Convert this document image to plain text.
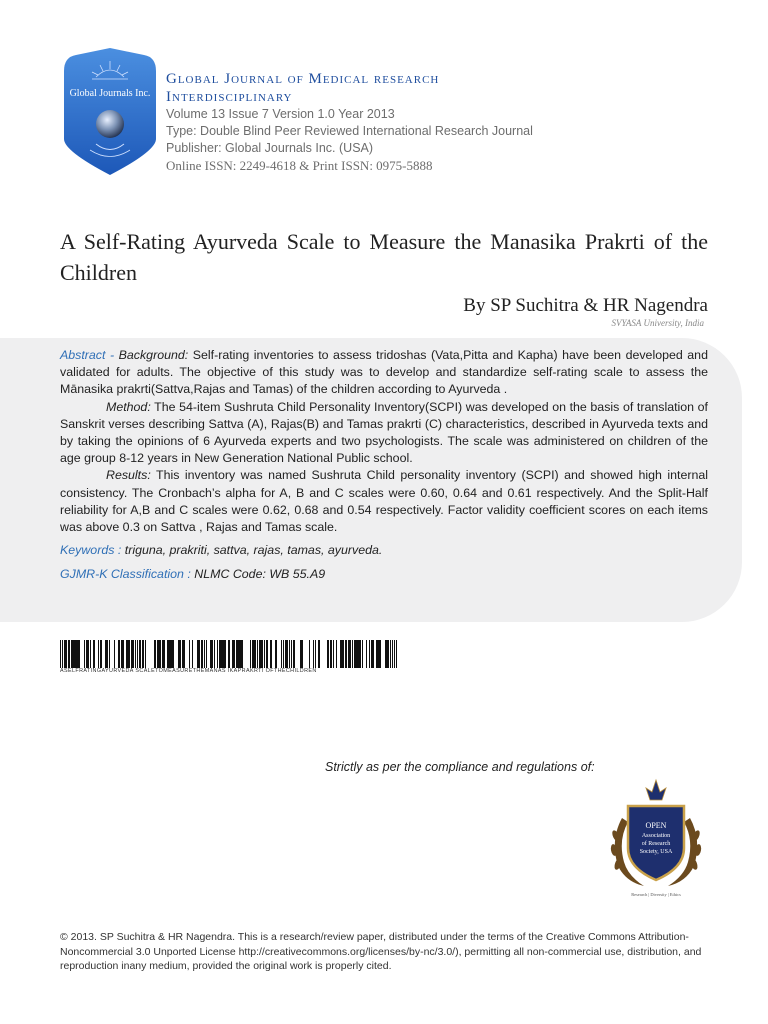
Global Journals Inc.

Global Journal of Medical research

Interdisciplinary

Volume 13 Issue 7 Version 1.0 Year 2013

Type: Double Blind Peer Reviewed International Research Journal

Publisher: Global Journals Inc. (USA)

Online ISSN: 2249-4618 & Print ISSN: 0975-5888

A Self-Rating Ayurveda Scale to Measure the Manasika Prakrti of the Children
By SP Suchitra & HR Nagendra
SVYASA University, India

Abstract - Background: Self-rating inventories to assess tridoshas (Vata,Pitta and Kapha) have been developed and validated for adults. The objective of this study was to develop and standardize self-rating scale to assess the Mānasika prakrti(Sattva,Rajas and Tamas) of the children according to Ayurveda .

Method: The 54-item Sushruta Child Personality Inventory(SCPI) was developed on the basis of translation of Sanskrit verses describing Sattva (A), Rajas(B) and Tamas prakrti (C) characteristics, described in Ayurveda texts and by taking the opinions of 6 Ayurveda experts and two psychologists. The scale was administered on children of the age group 8-12 years in New Generation National Public school.

Results: This inventory was named Sushruta Child personality inventory (SCPI) and showed high internal consistency. The Cronbach’s alpha for A, B and C scales were 0.60, 0.64 and 0.61 respectively. And the Split-Half reliability for A,B and C scales were 0.62, 0.68 and 0.54 respectively. Factor validity coefficient scores on each items was above 0.3 on Sattva , Rajas and Tamas scale.

Keywords : triguna, prakriti, sattva, rajas, tamas, ayurveda.

GJMR-K Classification : NLMC Code: WB 55.A9

ASELFRATINGAYURVEDA SCALETOMEASURETHEMANAS IKAPRAKRTI OFTHECHILDREN
Strictly as per the compliance and regulations of:
OPEN
Association
of Research
Society, USA
Research | Diversity | Ethics

© 2013. SP Suchitra & HR Nagendra. This is a research/review paper, distributed under the terms of the Creative Commons Attribution-Noncommercial 3.0 Unported License http://creativecommons.org/licenses/by-nc/3.0/), permitting all non-commercial use, distribution, and reproduction inany medium, provided the original work is properly cited.
